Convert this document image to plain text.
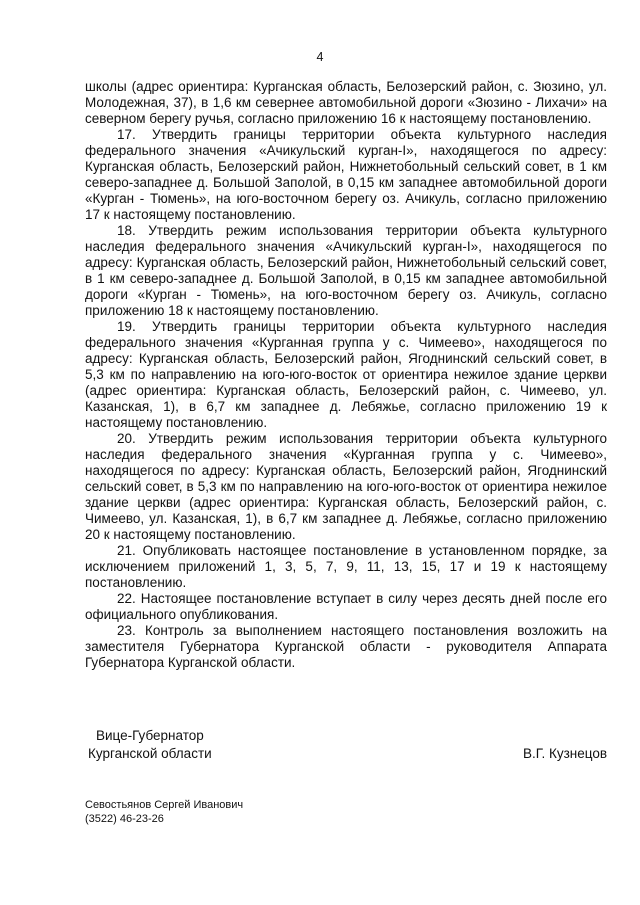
4

школы (адрес ориентира: Курганская область, Белозерский район, с. Зюзино, ул. Молодежная, 37), в 1,6 км севернее автомобильной дороги «Зюзино - Лихачи» на северном берегу ручья, согласно приложению 16 к настоящему постановлению.

17. Утвердить границы территории объекта культурного наследия федерального значения «Ачикульский курган-I», находящегося по адресу: Курганская область, Белозерский район, Нижнетобольный сельский совет, в 1 км северо-западнее д. Большой Заполой, в 0,15 км западнее автомобильной дороги «Курган - Тюмень», на юго-восточном берегу оз. Ачикуль, согласно приложению 17 к настоящему постановлению.

18. Утвердить режим использования территории объекта культурного наследия федерального значения «Ачикульский курган-I», находящегося по адресу: Курганская область, Белозерский район, Нижнетобольный сельский совет, в 1 км северо-западнее д. Большой Заполой, в 0,15 км западнее автомобильной дороги «Курган - Тюмень», на юго-восточном берегу оз. Ачикуль, согласно приложению 18 к настоящему постановлению.

19. Утвердить границы территории объекта культурного наследия федерального значения «Курганная группа у с. Чимеево», находящегося по адресу: Курганская область, Белозерский район, Ягоднинский сельский совет, в 5,3 км по направлению на юго-юго-восток от ориентира нежилое здание церкви (адрес ориентира: Курганская область, Белозерский район, с. Чимеево, ул. Казанская, 1), в 6,7 км западнее д. Лебяжье, согласно приложению 19 к настоящему постановлению.

20. Утвердить режим использования территории объекта культурного наследия федерального значения «Курганная группа у с. Чимеево», находящегося по адресу: Курганская область, Белозерский район, Ягоднинский сельский совет, в 5,3 км по направлению на юго-юго-восток от ориентира нежилое здание церкви (адрес ориентира: Курганская область, Белозерский район, с. Чимеево, ул. Казанская, 1), в 6,7 км западнее д. Лебяжье, согласно приложению 20 к настоящему постановлению.

21. Опубликовать настоящее постановление в установленном порядке, за исключением приложений 1, 3, 5, 7, 9, 11, 13, 15, 17 и 19 к настоящему постановлению.

22. Настоящее постановление вступает в силу через десять дней после его официального опубликования.

23. Контроль за выполнением настоящего постановления возложить на заместителя Губернатора Курганской области - руководителя Аппарата Губернатора Курганской области.

Вице-Губернатор
Курганской области	В.Г. Кузнецов
Севостьянов Сергей Иванович
(3522) 46-23-26
